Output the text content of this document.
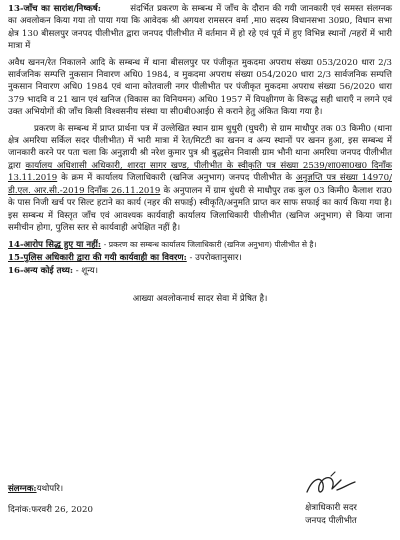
13-जाँच का सारांश/निष्कर्ष:	संदर्भित प्रकरण के सम्बन्ध में जाँच के दौरान की गयी जानकारी एवं समस्त संलग्नक का अवलोकन किया गया तो पाया गया कि आवेदक श्री अगयश रामसरन वर्मा ,मा0 सदस्य विधानसभा 30प्र0, विधान सभा क्षेत्र 130 बीसलपुर जनपद पीलीभीत द्वारा जनपद पीलीभीत में वर्तमान में हो रहे एवं पूर्व में हुए विभिन्न स्थानों /नहरों में भारी मात्रा में

अवैध खनन/रेत निकालने आदि के सम्बन्ध में थाना बीसलपुर पर पंजीकृत मुकदमा अपराध संख्या 053/2020 धारा 2/3 सार्वजनिक सम्पत्ति नुकसान निवारण अधि0 1984, व मुकदमा अपराध संख्या 054/2020 धारा 2/3 सार्वजनिक सम्पत्ति नुकसान निवारण अधि0 1984 एवं थाना कोतवाली नगर पीलीभीत पर पंजीकृत मुकदमा अपराध संख्या 56/2020 धारा 379 भादवि व 21 खान एवं खनिज (विकास का विनियमन) अधि0 1957 में विपक्षीगण के विरूद्ध सही धाराएँ न लगने एवं उक्त अभियोगों की जाँच किसी विश्वसनीय संस्था या सी0बी0आई0 से कराने हेतु अंकित किया गया है।

प्रकरण के सम्बन्ध में प्राप्त प्रार्थना पत्र में उल्लेखित स्थान ग्राम धुधुरी (घुघरी) से ग्राम माधौपुर तक 03 किमी0 (थाना क्षेत्र अमरिया सर्किल सदर पीलीभीत) में भारी मात्रा में रेत/मिटटी का खनन व अन्य स्थानों पर खनन हुआ, इस सम्बन्ध में जानकारी करने पर पता चला कि अनुज्ञायी श्री नरेश कुमार पुत्र श्री बुद्धसेन निवासी ग्राम भौनी थाना अमरिया जनपद पीलीभीत द्वारा कार्यालय अधिशासी अधिकारी, शारदा सागर खण्ड, पीलीभीत के स्वीकृति पत्र संख्या 2539/शा0सा0ख0 दिनाँक 13.11.2019 के क्रम में कार्यालय जिलाधिकारी (खनिज अनुभाग) जनपद पीलीभीत के अनुज्ञप्ति पत्र संख्या 14970/डी.एल. आर.सी.-2019 दिनाँक 26.11.2019 के अनुपालन में ग्राम धुंधरी से माधौपुर तक कुल 03 किमी0 कैलाश राउ0 के पास निजी खर्च पर सिल्ट हटाने का कार्य (नहर की सफाई) स्वीकृति/अनुमति प्राप्त कर साफ सफाई का कार्य किया गया है। इस सम्बन्ध में विस्तृत जाँच एवं आवश्यक कार्यवाही कार्यालय जिलाधिकारी पीलीभीत (खनिज अनुभाग) से किया जाना समीचीन होगा, पुलिस स्तर से कार्यवाही अपेक्षित नहीं है।

14-आरोप सिद्ध हुए या नहीं: - प्रकरण का सम्बन्ध कार्यालय जिलाधिकारी (खनिज अनुभाग) पीलीभीत से है।

15-पुलिस अधिकारी द्वारा की गयी कार्यवाही का विवरण: - उपरोक्तानुसार।

16-अन्य कोई तथ्य: - शून्य।

आख्या अवलोकनार्थ सादर सेवा में प्रेषित है।

संलग्नक:यथोपरि।
दिनांक:फरवरी 26, 2020	क्षेत्राधिकारी सदर
जनपद पीलीभीत
